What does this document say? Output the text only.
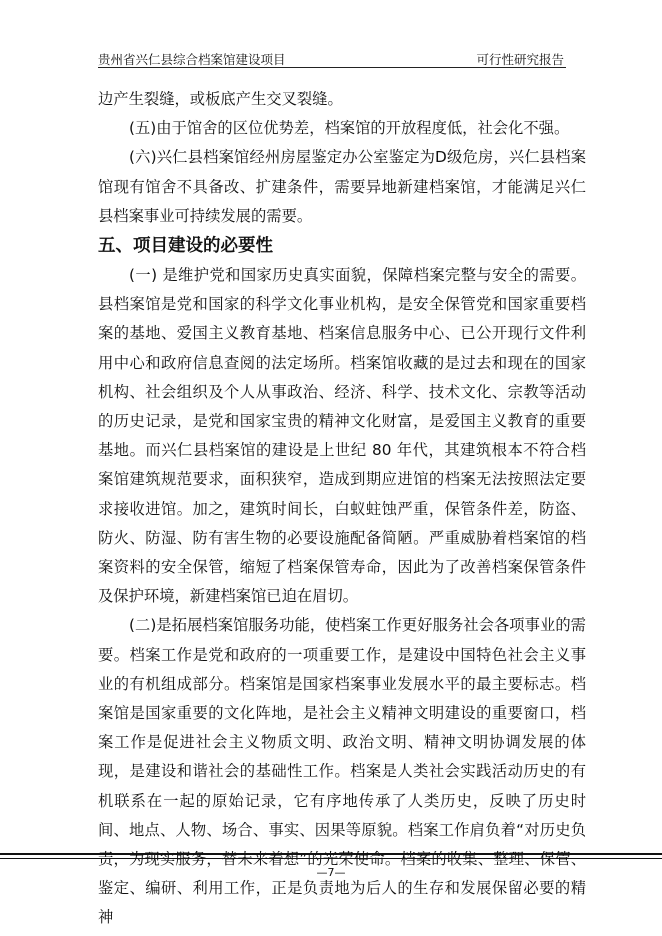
贵州省兴仁县综合档案馆建设项目	可行性研究报告

边产生裂缝，或板底产生交叉裂缝。

(五)由于馆舍的区位优势差，档案馆的开放程度低，社会化不强。

(六)兴仁县档案馆经州房屋鉴定办公室鉴定为D级危房，兴仁县档案馆现有馆舍不具备改、扩建条件，需要异地新建档案馆，才能满足兴仁县档案事业可持续发展的需要。

五、项目建设的必要性

(一) 是维护党和国家历史真实面貌，保障档案完整与安全的需要。县档案馆是党和国家的科学文化事业机构，是安全保管党和国家重要档案的基地、爱国主义教育基地、档案信息服务中心、已公开现行文件利用中心和政府信息查阅的法定场所。档案馆收藏的是过去和现在的国家机构、社会组织及个人从事政治、经济、科学、技术文化、宗教等活动的历史记录，是党和国家宝贵的精神文化财富，是爱国主义教育的重要基地。而兴仁县档案馆的建设是上世纪 80 年代，其建筑根本不符合档案馆建筑规范要求，面积狭窄，造成到期应进馆的档案无法按照法定要求接收进馆。加之，建筑时间长，白蚁蛀蚀严重，保管条件差，防盗、防火、防湿、防有害生物的必要设施配备简陋。严重威胁着档案馆的档案资料的安全保管，缩短了档案保管寿命，因此为了改善档案保管条件及保护环境，新建档案馆已迫在眉切。

(二)是拓展档案馆服务功能，使档案工作更好服务社会各项事业的需要。档案工作是党和政府的一项重要工作，是建设中国特色社会主义事业的有机组成部分。档案馆是国家档案事业发展水平的最主要标志。档案馆是国家重要的文化阵地，是社会主义精神文明建设的重要窗口，档案工作是促进社会主义物质文明、政治文明、精神文明协调发展的体现，是建设和谐社会的基础性工作。档案是人类社会实践活动历史的有机联系在一起的原始记录，它有序地传承了人类历史，反映了历史时间、地点、人物、场合、事实、因果等原貌。档案工作肩负着“对历史负责，为现实服务，替未来着想”的光荣使命。档案的收集、整理、保管、鉴定、编研、利用工作，正是负责地为后人的生存和发展保留必要的精神

—7—
